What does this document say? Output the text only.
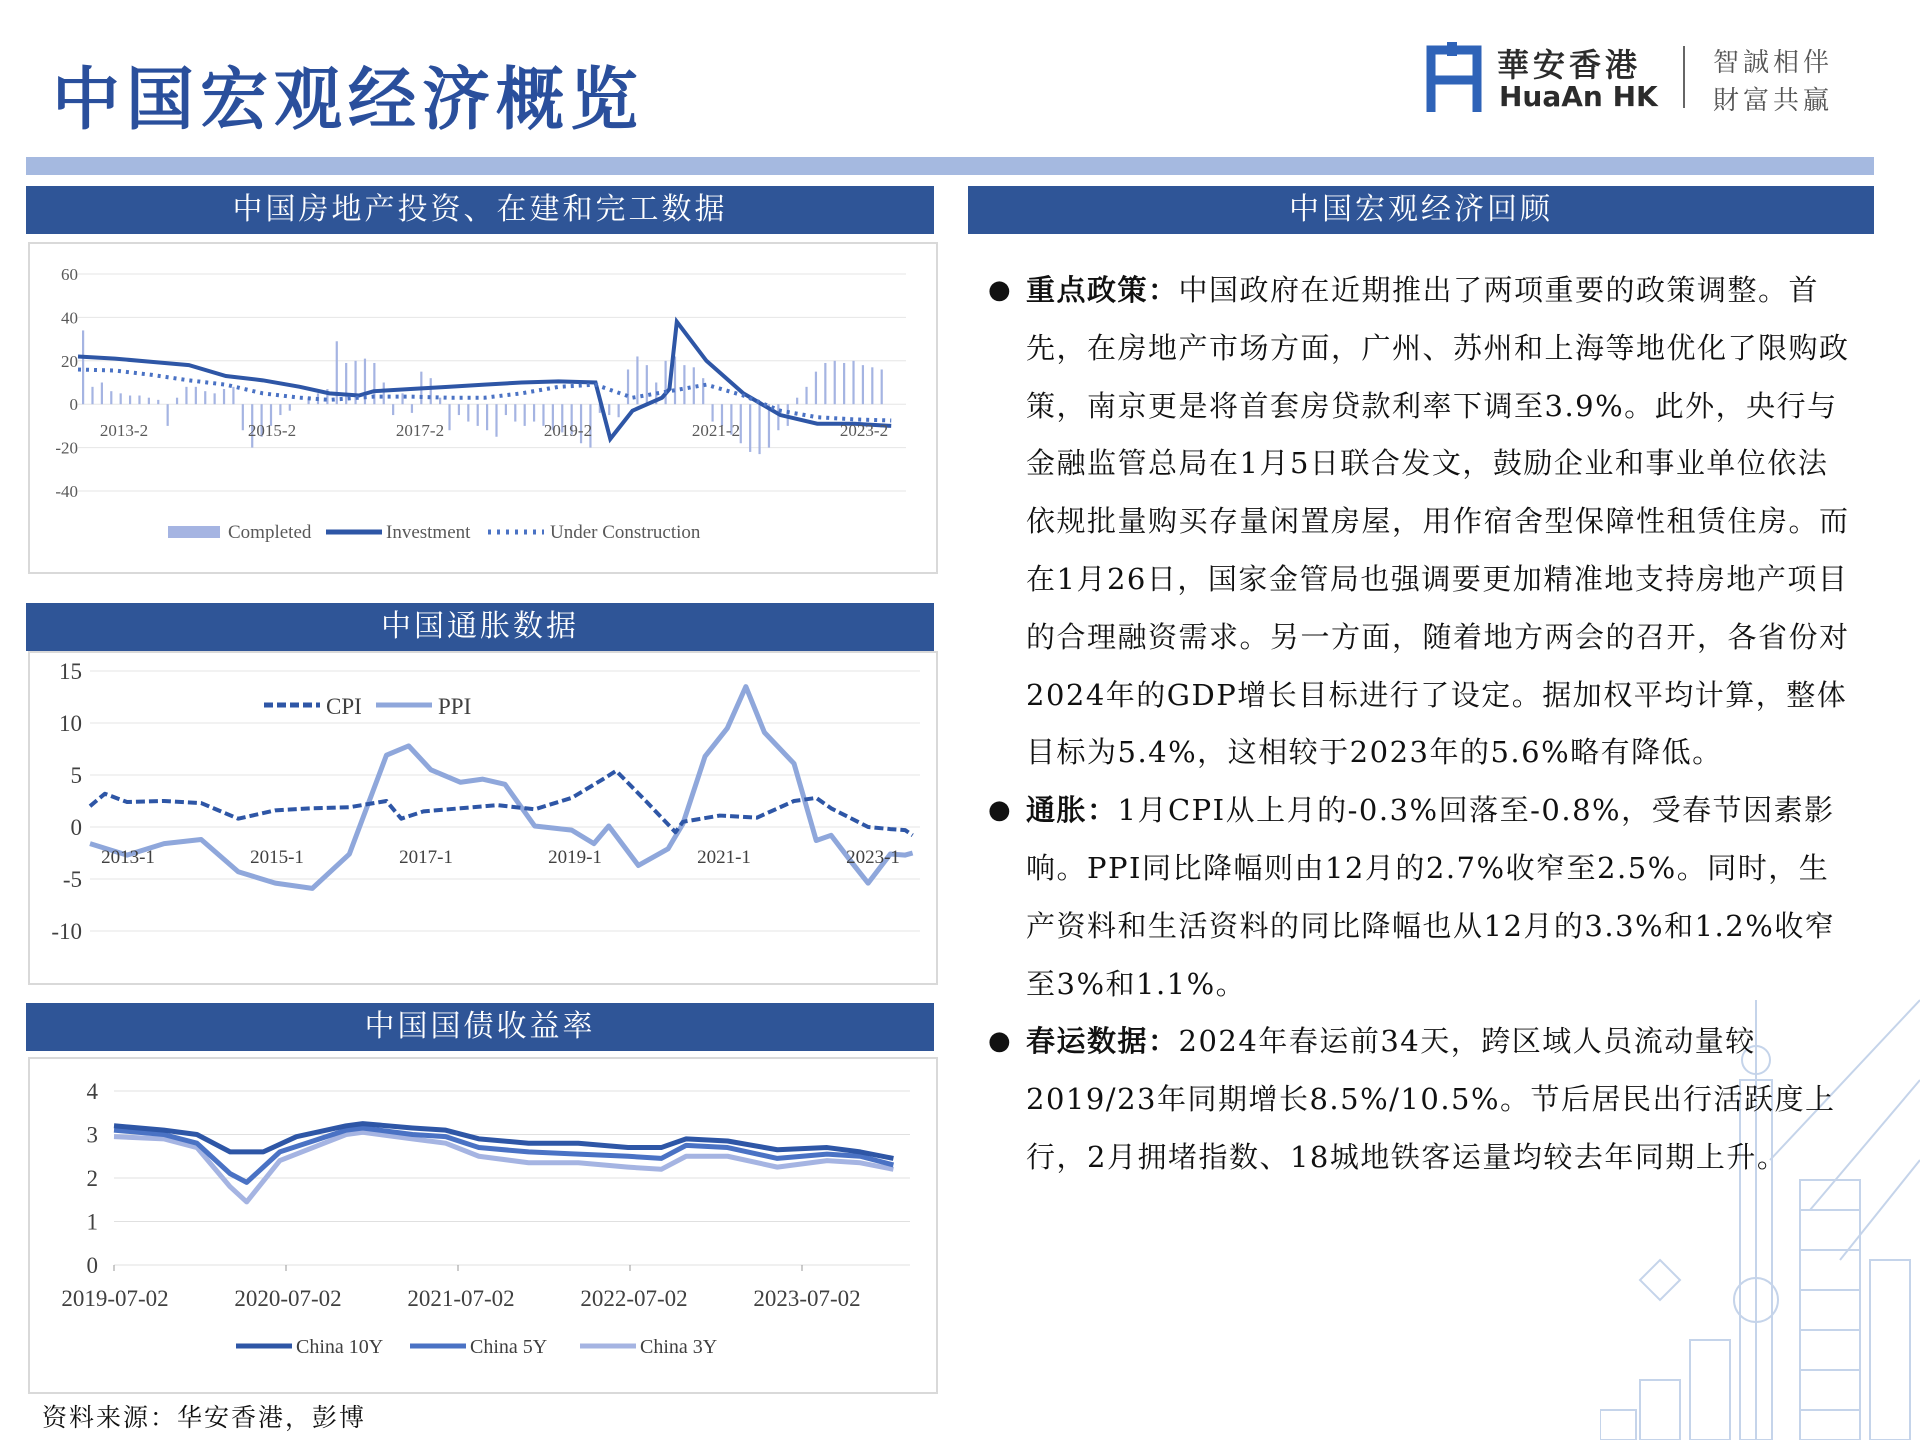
中国宏观经济概览	華安香港
HuaAn HK
智誠相伴
財富共贏
中国房地产投资、在建和完工数据
中国通胀数据
中国国债收益率
60
40
20
0
-20
-40
2013-2	2015-2	2017-2	2019-2	2021-2	2023-2
Completed	Investment	Under Construction
15
10
5
0
-5
-10
2013-1	2015-1	2017-1	2019-1	2021-1	2023-1
CPI	PPI
4
3
2
1
0
2019-07-02	2020-07-02	2021-07-02	2022-07-02	2023-07-02
China 10Y	China 5Y	China 3Y
中国宏观经济回顾
● 重点政策：中国政府在近期推出了两项重要的政策调整。首先，在房地产市场方面，广州、苏州和上海等地优化了限购政策，南京更是将首套房贷款利率下调至3.9%。此外，央行与金融监管总局在1月5日联合发文，鼓励企业和事业单位依法依规批量购买存量闲置房屋，用作宿舍型保障性租赁住房。而在1月26日，国家金管局也强调要更加精准地支持房地产项目的合理融资需求。另一方面，随着地方两会的召开，各省份对2024年的GDP增长目标进行了设定。据加权平均计算，整体目标为5.4%，这相较于2023年的5.6%略有降低。
● 通胀：1月CPI从上月的-0.3%回落至-0.8%，受春节因素影响。PPI同比降幅则由12月的2.7%收窄至2.5%。同时，生产资料和生活资料的同比降幅也从12月的3.3%和1.2%收窄至3%和1.1%。
● 春运数据：2024年春运前34天，跨区域人员流动量较2019/23年同期增长8.5%/10.5%。节后居民出行活跃度上行，2月拥堵指数、18城地铁客运量均较去年同期上升。
资料来源：华安香港，彭博
